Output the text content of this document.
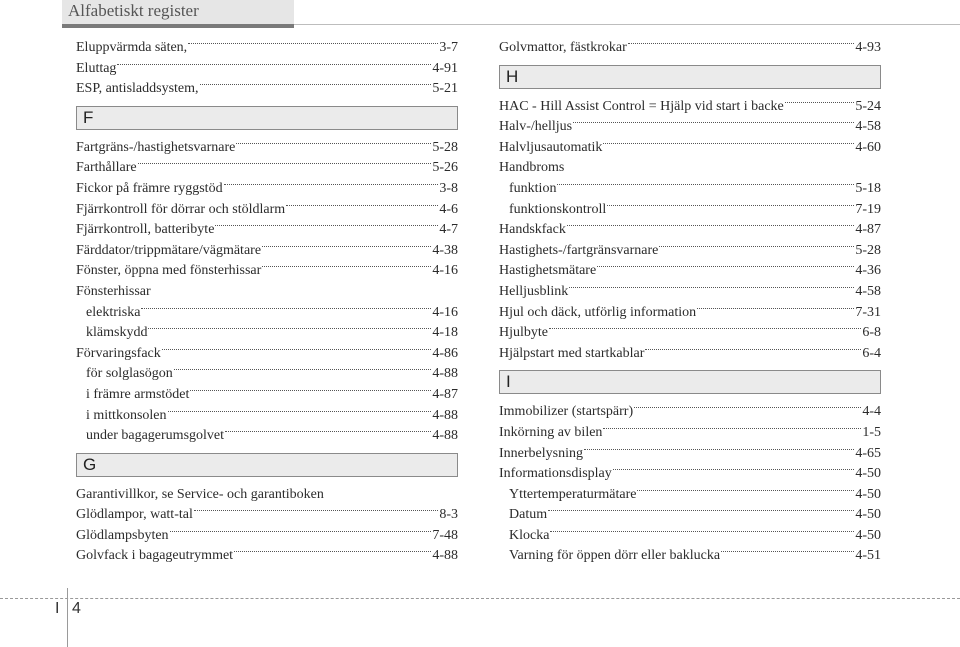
Alfabetiskt register
Eluppvärmda säten,	3-7
Eluttag	4-91
ESP, antisladdsystem,	5-21
F
Fartgräns-/hastighetsvarnare	5-28
Farthållare	5-26
Fickor på främre ryggstöd	3-8
Fjärrkontroll för dörrar och stöldlarm	4-6
Fjärrkontroll, batteribyte	4-7
Färddator/trippmätare/vägmätare	4-38
Fönster, öppna med fönsterhissar	4-16
Fönsterhissar
elektriska	4-16
klämskydd	4-18
Förvaringsfack	4-86
för solglasögon	4-88
i främre armstödet	4-87
i mittkonsolen	4-88
under bagagerumsgolvet	4-88
G
Garantivillkor, se Service- och garantiboken
Glödlampor, watt-tal	8-3
Glödlampsbyten	7-48
Golvfack i bagageutrymmet	4-88
Golvmattor, fästkrokar	4-93
H
HAC - Hill Assist Control = Hjälp vid start i backe	5-24
Halv-/helljus	4-58
Halvljusautomatik	4-60
Handbroms
funktion	5-18
funktionskontroll	7-19
Handskfack	4-87
Hastighets-/fartgränsvarnare	5-28
Hastighetsmätare	4-36
Helljusblink	4-58
Hjul och däck, utförlig information	7-31
Hjulbyte	6-8
Hjälpstart med startkablar	6-4
I
Immobilizer (startspärr)	4-4
Inkörning av bilen	1-5
Innerbelysning	4-65
Informationsdisplay	4-50
Yttertemperaturmätare	4-50
Datum	4-50
Klocka	4-50
Varning för öppen dörr eller baklucka	4-51
I 4
